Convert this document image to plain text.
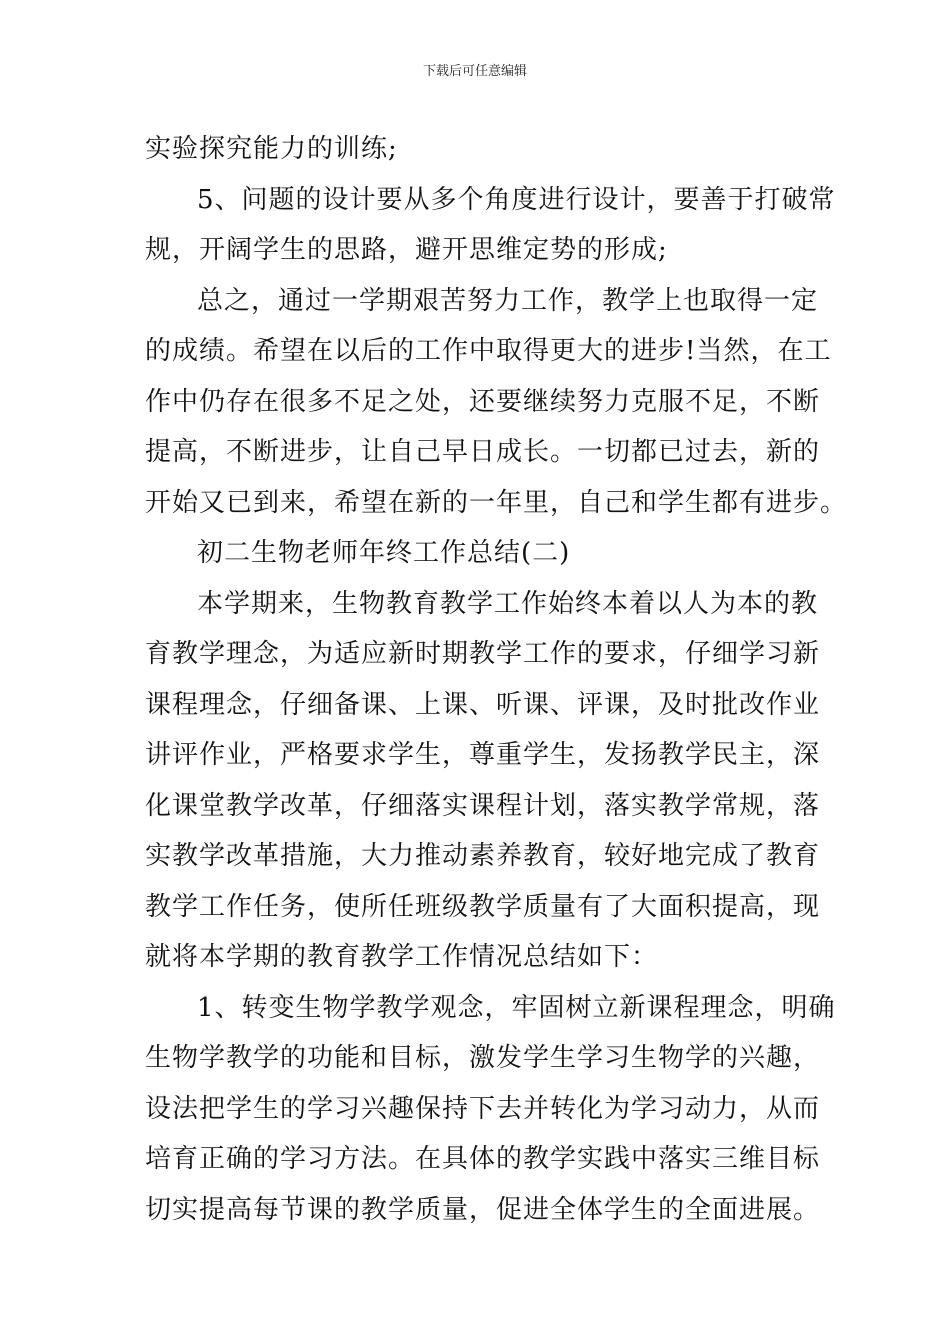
下载后可任意编辑
实验探究能力的训练;
5、问题的设计要从多个角度进行设计，要善于打破常
规，开阔学生的思路，避开思维定势的形成;
总之，通过一学期艰苦努力工作，教学上也取得一定
的成绩。希望在以后的工作中取得更大的进步!当然，在工
作中仍存在很多不足之处，还要继续努力克服不足，不断
提高，不断进步，让自己早日成长。一切都已过去，新的
开始又已到来，希望在新的一年里，自己和学生都有进步。
初二生物老师年终工作总结(二)
本学期来，生物教育教学工作始终本着以人为本的教
育教学理念，为适应新时期教学工作的要求，仔细学习新
课程理念，仔细备课、上课、听课、评课，及时批改作业
讲评作业，严格要求学生，尊重学生，发扬教学民主，深
化课堂教学改革，仔细落实课程计划，落实教学常规，落
实教学改革措施，大力推动素养教育，较好地完成了教育
教学工作任务，使所任班级教学质量有了大面积提高，现
就将本学期的教育教学工作情况总结如下：
1、转变生物学教学观念，牢固树立新课程理念，明确
生物学教学的功能和目标，激发学生学习生物学的兴趣，
设法把学生的学习兴趣保持下去并转化为学习动力，从而
培育正确的学习方法。在具体的教学实践中落实三维目标
切实提高每节课的教学质量，促进全体学生的全面进展。
